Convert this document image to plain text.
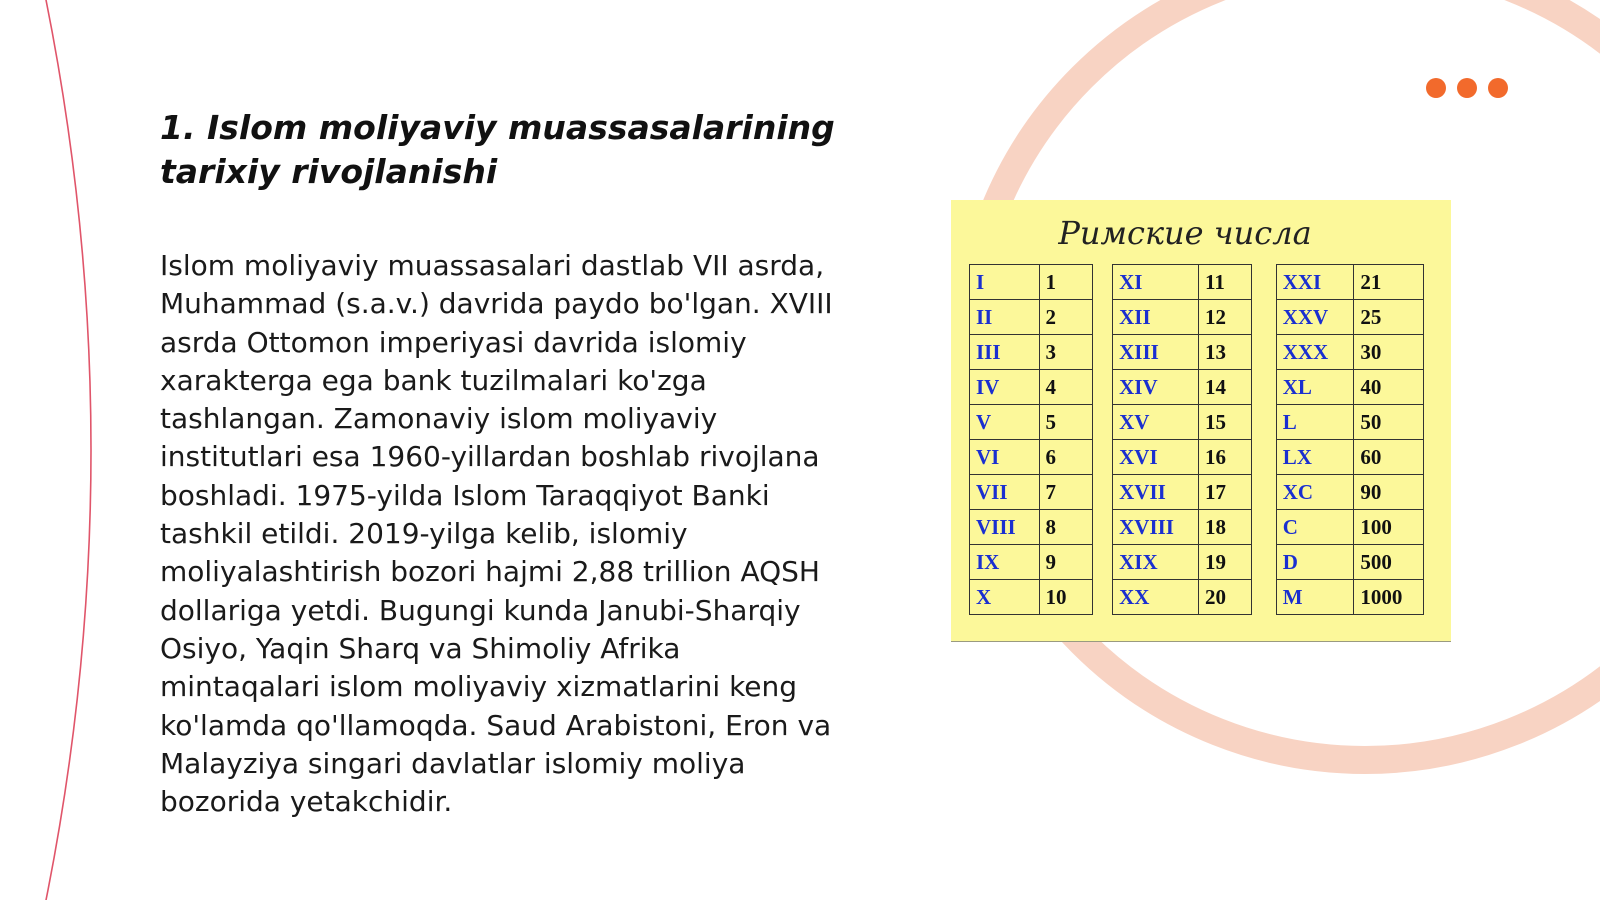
1. Islom moliyaviy muassasalarining tarixiy rivojlanishi

Islom moliyaviy muassasalari dastlab VII asrda, Muhammad (s.a.v.) davrida paydo bo'lgan. XVIII asrda Ottomon imperiyasi davrida islomiy xarakterga ega bank tuzilmalari ko'zga tashlangan. Zamonaviy islom moliyaviy institutlari esa 1960-yillardan boshlab rivojlana boshladi. 1975-yilda Islom Taraqqiyot Banki tashkil etildi. 2019-yilga kelib, islomiy moliyalashtirish bozori hajmi 2,88 trillion AQSH dollariga yetdi. Bugungi kunda Janubi-Sharqiy Osiyo, Yaqin Sharq va Shimoliy Afrika mintaqalari islom moliyaviy xizmatlarini keng ko'lamda qo'llamoqda. Saud Arabistoni, Eron va Malayziya singari davlatlar islomiy moliya bozorida yetakchidir.

Римские числа
I	1		XI	11		XXI	21
II	2		XII	12		XXV	25
III	3		XIII	13		XXX	30
IV	4		XIV	14		XL	40
V	5		XV	15		L	50
VI	6		XVI	16		LX	60
VII	7		XVII	17		XC	90
VIII	8		XVIII	18		C	100
IX	9		XIX	19		D	500
X	10		XX	20		M	1000
